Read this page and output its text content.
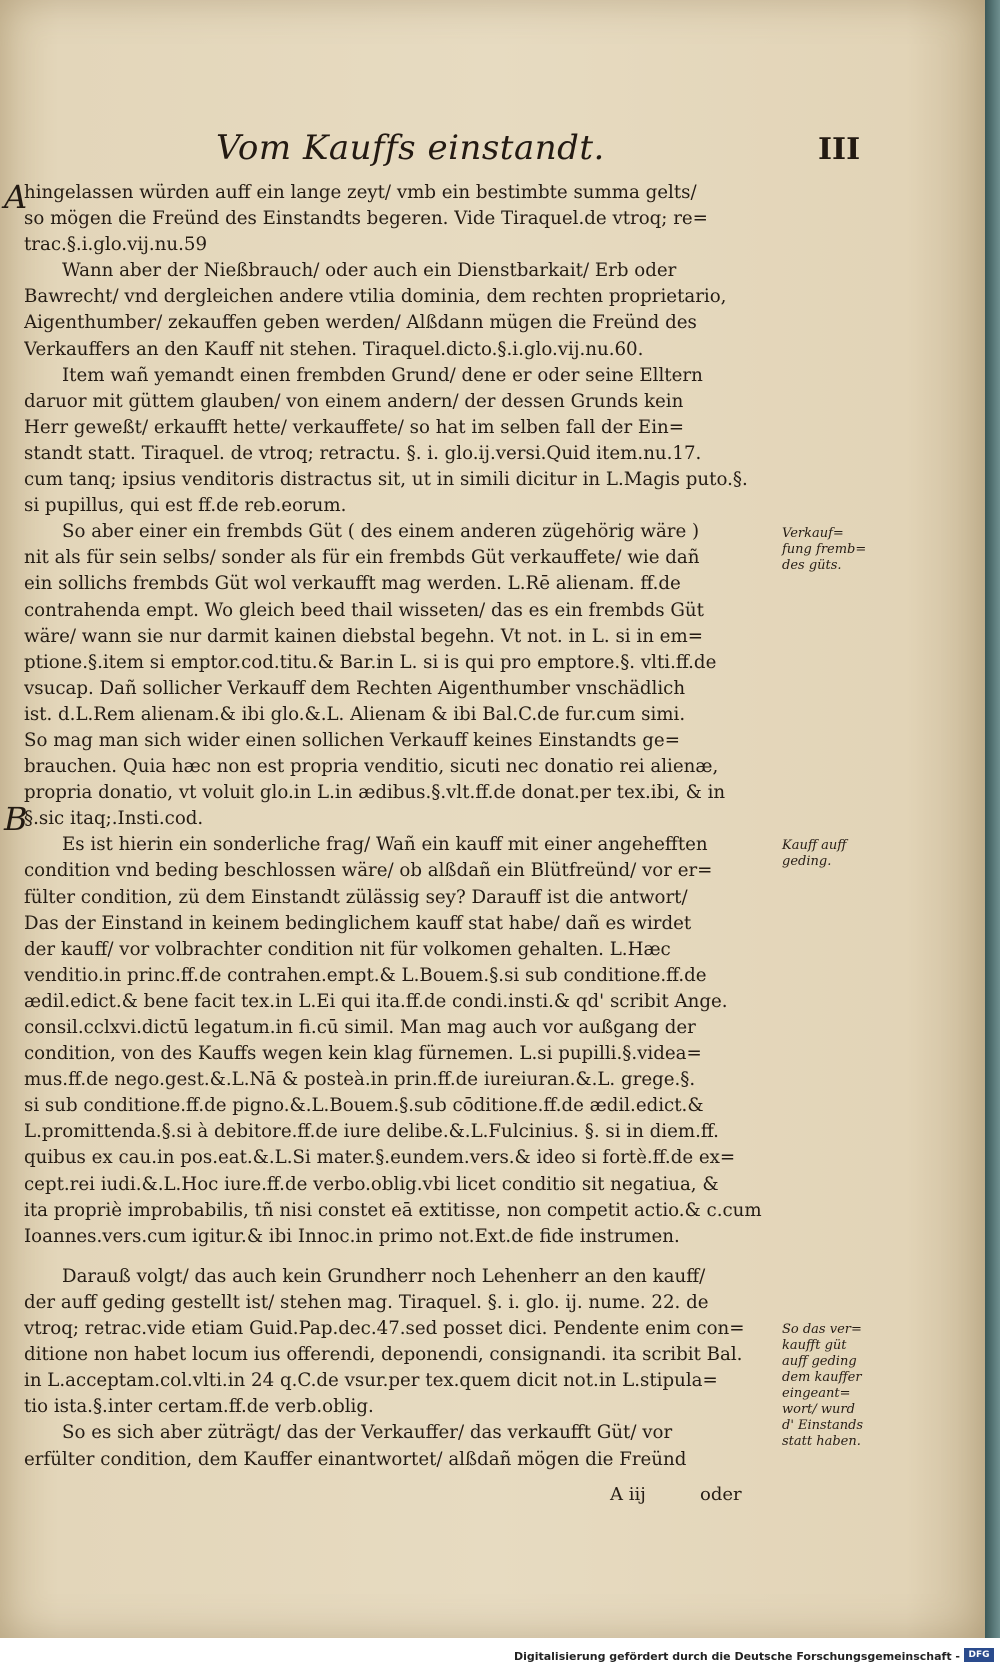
Vom Kauffs einstandt.	III
A
B
hingelassen würden auff ein lange zeyt/ vmb ein bestimbte summa gelts/
so mögen die Freünd des Einstandts begeren. Vide Tiraquel.de vtroq; re=
trac.§.i.glo.vij.nu.59
Wann aber der Nießbrauch/ oder auch ein Dienstbarkait/ Erb oder
Bawrecht/ vnd dergleichen andere vtilia dominia, dem rechten proprietario,
Aigenthumber/ zekauffen geben werden/ Alßdann mügen die Freünd des
Verkauffers an den Kauff nit stehen. Tiraquel.dicto.§.i.glo.vij.nu.60.
Item wañ yemandt einen frembden Grund/ dene er oder seine Elltern
daruor mit güttem glauben/ von einem andern/ der dessen Grunds kein
Herr geweßt/ erkaufft hette/ verkauffete/ so hat im selben fall der Ein=
standt statt. Tiraquel. de vtroq; retractu. §. i. glo.ij.versi.Quid item.nu.17.
cum tanq; ipsius venditoris distractus sit, ut in simili dicitur in L.Magis puto.§.
si pupillus, qui est ff.de reb.eorum.
So aber einer ein frembds Güt ( des einem anderen zügehörig wäre )
nit als für sein selbs/ sonder als für ein frembds Güt verkauffete/ wie dañ
ein sollichs frembds Güt wol verkaufft mag werden. L.Rē alienam. ff.de
contrahenda empt. Wo gleich beed thail wisseten/ das es ein frembds Güt
wäre/ wann sie nur darmit kainen diebstal begehn. Vt not. in L. si in em=
ptione.§.item si emptor.cod.titu.& Bar.in L. si is qui pro emptore.§. vlti.ff.de
vsucap. Dañ sollicher Verkauff dem Rechten Aigenthumber vnschädlich
ist. d.L.Rem alienam.& ibi glo.&.L. Alienam & ibi Bal.C.de fur.cum simi.
So mag man sich wider einen sollichen Verkauff keines Einstandts ge=
brauchen. Quia hæc non est propria venditio, sicuti nec donatio rei alienæ,
propria donatio, vt voluit glo.in L.in ædibus.§.vlt.ff.de donat.per tex.ibi, & in
§.sic itaq;.Insti.cod.
Es ist hierin ein sonderliche frag/ Wañ ein kauff mit einer angehefften
condition vnd beding beschlossen wäre/ ob alßdañ ein Blütfreünd/ vor er=
fülter condition, zü dem Einstandt zülässig sey? Darauff ist die antwort/
Das der Einstand in keinem bedinglichem kauff stat habe/ dañ es wirdet
der kauff/ vor volbrachter condition nit für volkomen gehalten. L.Hæc
venditio.in princ.ff.de contrahen.empt.& L.Bouem.§.si sub conditione.ff.de
ædil.edict.& bene facit tex.in L.Ei qui ita.ff.de condi.insti.& qd' scribit Ange.
consil.cclxvi.dictū legatum.in fi.cū simil. Man mag auch vor außgang der
condition, von des Kauffs wegen kein klag fürnemen. L.si pupilli.§.videa=
mus.ff.de nego.gest.&.L.Nā & posteà.in prin.ff.de iureiuran.&.L. grege.§.
si sub conditione.ff.de pigno.&.L.Bouem.§.sub cōditione.ff.de ædil.edict.&
L.promittenda.§.si à debitore.ff.de iure delibe.&.L.Fulcinius. §. si in diem.ff.
quibus ex cau.in pos.eat.&.L.Si mater.§.eundem.vers.& ideo si fortè.ff.de ex=
cept.rei iudi.&.L.Hoc iure.ff.de verbo.oblig.vbi licet conditio sit negatiua, &
ita propriè improbabilis, tñ nisi constet eā extitisse, non competit actio.& c.cum
Ioannes.vers.cum igitur.& ibi Innoc.in primo not.Ext.de fide instrumen.
Darauß volgt/ das auch kein Grundherr noch Lehenherr an den kauff/
der auff geding gestellt ist/ stehen mag. Tiraquel. §. i. glo. ij. nume. 22. de
vtroq; retrac.vide etiam Guid.Pap.dec.47.sed posset dici. Pendente enim con=
ditione non habet locum ius offerendi, deponendi, consignandi. ita scribit Bal.
in L.acceptam.col.vlti.in 24 q.C.de vsur.per tex.quem dicit not.in L.stipula=
tio ista.§.inter certam.ff.de verb.oblig.
So es sich aber züträgt/ das der Verkauffer/ das verkaufft Güt/ vor
erfülter condition, dem Kauffer einantwortet/ alßdañ mögen die Freünd
A iij	oder
Verkauf=
fung fremb=
des güts.
Kauff auff
geding.
So das ver=
kaufft güt
auff geding
dem kauffer
eingeant=
wort/ wurd
d' Einstands
statt haben.
Digitalisierung gefördert durch die Deutsche Forschungsgemeinschaft - DFG
